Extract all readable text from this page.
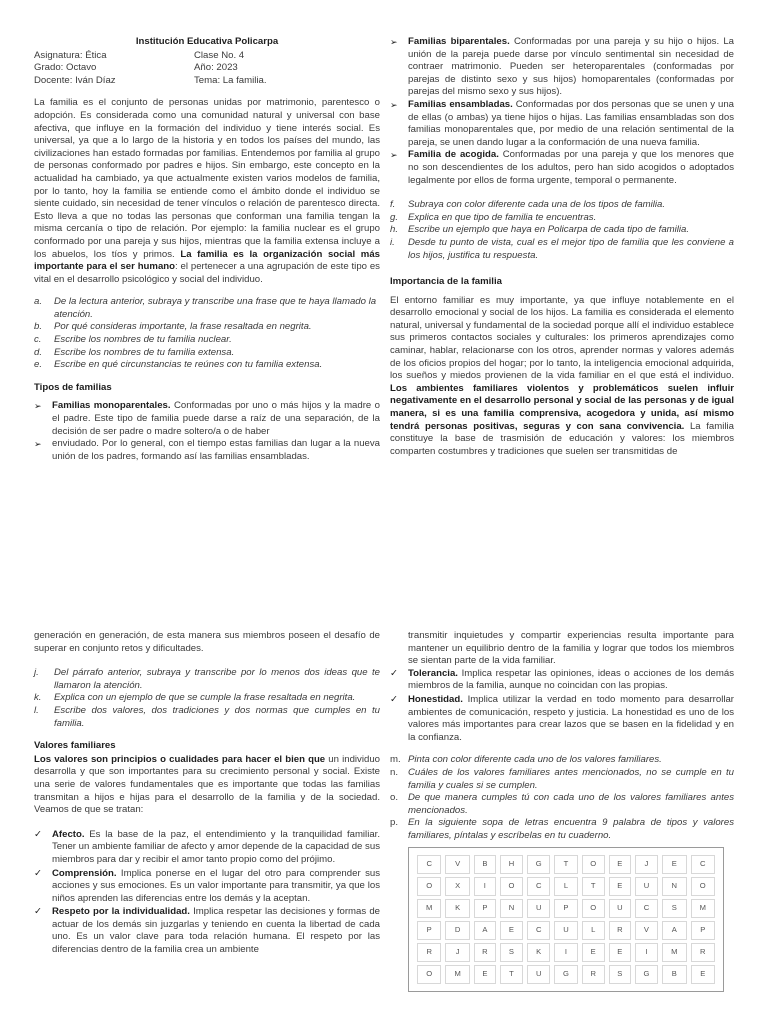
Institución Educativa Policarpa
Asignatura: Ética	Clase No. 4
Grado: Octavo	Año: 2023
Docente: Iván Díaz	Tema: La familia.

La familia es el conjunto de personas unidas por matrimonio, parentesco o adopción. Es considerada como una comunidad natural y universal con base afectiva, que influye en la formación del individuo y tiene interés social. Es universal, ya que a lo largo de la historia y en todos los países del mundo, las civilizaciones han estado formadas por familias. Entendemos por familia al grupo de personas conformado por padres e hijos. Sin embargo, este concepto en la actualidad ha cambiado, ya que actualmente existen varios modelos de familia, por lo tanto, hoy la familia se entiende como el ámbito donde el individuo se siente cuidado, sin necesidad de tener vínculos o relación de parentesco directa. Esto lleva a que no todas las personas que conforman una familia tengan la misma cercanía o tipo de relación. Por ejemplo: la familia nuclear es el grupo conformado por una pareja y sus hijos, mientras que la familia extensa incluye a los abuelos, los tíos y primos. La familia es la organización social más importante para el ser humano: el pertenecer a una agrupación de este tipo es vital en el desarrollo psicológico y social del individuo.

a. De la lectura anterior, subraya y transcribe una frase que te haya llamado la atención.
b. Por qué consideras importante, la frase resaltada en negrita.
c. Escribe los nombres de tu familia nuclear.
d. Escribe los nombres de tu familia extensa.
e. Escribe en qué circunstancias te reúnes con tu familia extensa.
Tipos de familias
➢ Familias monoparentales. Conformadas por uno o más hijos y la madre o el padre. Este tipo de familia puede darse a raíz de una separación, de la decisión de ser padre o madre soltero/a o de haber
➢ enviudado. Por lo general, con el tiempo estas familias dan lugar a la nueva unión de los padres, formando así las familias ensambladas.
➢ Familias biparentales. Conformadas por una pareja y su hijo o hijos. La unión de la pareja puede darse por vínculo sentimental sin necesidad de contraer matrimonio. Pueden ser heteroparentales (conformadas por parejas de distinto sexo y sus hijos) homoparentales (conformadas por parejas del mismo sexo y sus hijos).
➢ Familias ensambladas. Conformadas por dos personas que se unen y una de ellas (o ambas) ya tiene hijos o hijas. Las familias ensambladas son dos familias monoparentales que, por medio de una relación sentimental de la pareja, se unen dando lugar a la conformación de una nueva familia.
➢ Familia de acogida. Conformadas por una pareja y que los menores que no son descendientes de los adultos, pero han sido acogidos o adoptados legalmente por ellos de forma urgente, temporal o permanente.
f. Subraya con color diferente cada una de los tipos de familia.
g. Explica en que tipo de familia te encuentras.
h. Escribe un ejemplo que haya en Policarpa de cada tipo de familia.
i. Desde tu punto de vista, cual es el mejor tipo de familia que les conviene a los hijos, justifica tu respuesta.
Importancia de la familia

El entorno familiar es muy importante, ya que influye notablemente en el desarrollo emocional y social de los hijos. La familia es considerada el elemento natural, universal y fundamental de la sociedad porque allí el individuo establece sus primeros contactos sociales y culturales: los primeros aprendizajes como caminar, hablar, relacionarse con los otros, aprender normas y valores además de los oficios propios del hogar; por lo tanto, la inteligencia emocional adquirida, los sueños y miedos provienen de la vida familiar en el que está el individuo. Los ambientes familiares violentos y problemáticos suelen influir negativamente en el desarrollo personal y social de las personas y de igual manera, si es una familia comprensiva, acogedora y unida, así mismo tendrá personas positivas, seguras y con sana convivencia. La familia constituye la base de trasmisión de educación y valores: los miembros comparten costumbres y tradiciones que suelen ser transmitidas de

generación en generación, de esta manera sus miembros poseen el desafío de superar en conjunto retos y dificultades.

j. Del párrafo anterior, subraya y transcribe por lo menos dos ideas que te llamaron la atención.
k. Explica con un ejemplo de que se cumple la frase resaltada en negrita.
l. Escribe dos valores, dos tradiciones y dos normas que cumples en tu familia.
Valores familiares

Los valores son principios o cualidades para hacer el bien que un individuo desarrolla y que son importantes para su crecimiento personal y social. Existe una serie de valores fundamentales que es importante que todas las familias transmitan a hijos e hijas para el desarrollo de la familia y de la sociedad. Veamos de que se tratan:

✓ Afecto. Es la base de la paz, el entendimiento y la tranquilidad familiar. Tener un ambiente familiar de afecto y amor depende de la capacidad de sus miembros para dar y recibir el amor tanto propio como del prójimo.
✓ Comprensión. Implica ponerse en el lugar del otro para comprender sus acciones y sus emociones. Es un valor importante para transmitir, ya que los niños aprenden las diferencias entre los demás y la aceptan.
✓ Respeto por la individualidad. Implica respetar las decisiones y formas de actuar de los demás sin juzgarlas y teniendo en cuenta la libertad de cada uno. Es un valor clave para toda relación humana. El respeto por las diferencias dentro de la familia crea un ambiente

transmitir inquietudes y compartir experiencias resulta importante para mantener un equilibrio dentro de la familia y lograr que todos los miembros se sientan parte de la vida familiar.

✓ Tolerancia. Implica respetar las opiniones, ideas o acciones de los demás miembros de la familia, aunque no coincidan con las propias.
✓ Honestidad. Implica utilizar la verdad en todo momento para desarrollar ambientes de comunicación, respeto y justicia. La honestidad es uno de los valores más importantes para crear lazos que se basen en la fidelidad y en la confianza.
m. Pinta con color diferente cada uno de los valores familiares.
n. Cuáles de los valores familiares antes mencionados, no se cumple en tu familia y cuales si se cumplen.
o. De que manera cumples tú con cada uno de los valores familiares antes mencionados.
p. En la siguiente sopa de letras encuentra 9 palabra de tipos y valores familiares, píntalas y escríbelas en tu cuaderno.
C	V	B	H	G	T	O	E	J	E	C
O	X	I	O	C	L	T	E	U	N	O
M	K	P	N	U	P	O	U	C	S	M
P	D	A	E	C	U	L	R	V	A	P
R	J	R	S	K	I	E	E	I	M	R
O	M	E	T	U	G	R	S	G	B	E
